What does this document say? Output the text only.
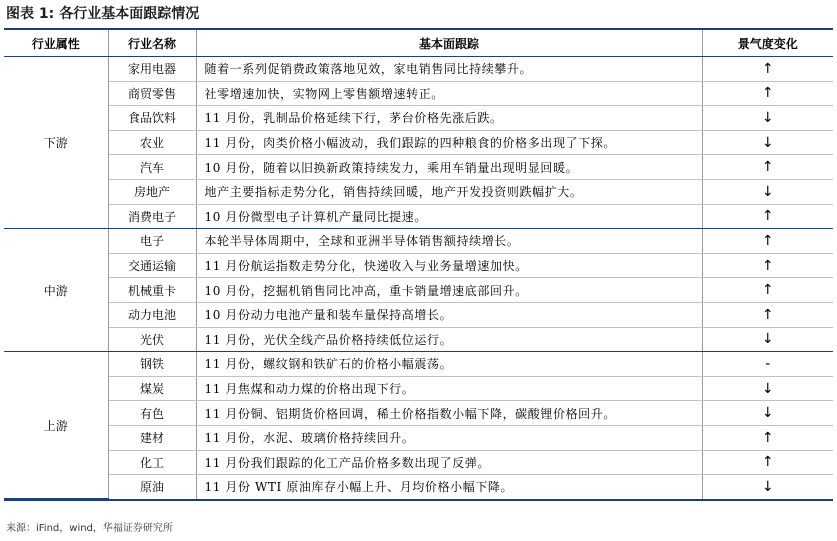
图表 1: 各行业基本面跟踪情况
行业属性	行业名称	基本面跟踪	景气度变化
下游	家用电器	随着一系列促销费政策落地见效，家电销售同比持续攀升。	↑
	商贸零售	社零增速加快，实物网上零售额增速转正。	↑
	食品饮料	11 月份，乳制品价格延续下行，茅台价格先涨后跌。	↓
	农业	11 月份，肉类价格小幅波动，我们跟踪的四种粮食的价格多出现了下探。	↓
	汽车	10 月份，随着以旧换新政策持续发力，乘用车销量出现明显回暖。	↑
	房地产	地产主要指标走势分化，销售持续回暖，地产开发投资则跌幅扩大。	↓
	消费电子	10 月份微型电子计算机产量同比提速。	↑
中游	电子	本轮半导体周期中，全球和亚洲半导体销售额持续增长。	↑
	交通运输	11 月份航运指数走势分化，快递收入与业务量增速加快。	↑
	机械重卡	10 月份，挖掘机销售同比冲高，重卡销量增速底部回升。	↑
	动力电池	10 月份动力电池产量和装车量保持高增长。	↑
	光伏	11 月份，光伏全线产品价格持续低位运行。	↓
上游	钢铁	11 月份，螺纹钢和铁矿石的价格小幅震荡。	-
	煤炭	11 月焦煤和动力煤的价格出现下行。	↓
	有色	11 月份铜、铝期货价格回调，稀土价格指数小幅下降，碳酸锂价格回升。	↓
	建材	11 月份，水泥、玻璃价格持续回升。	↑
	化工	11 月份我们跟踪的化工产品价格多数出现了反弹。	↑
	原油	11 月份 WTI 原油库存小幅上升、月均价格小幅下降。	↓
来源：iFind，wind，华福证券研究所
